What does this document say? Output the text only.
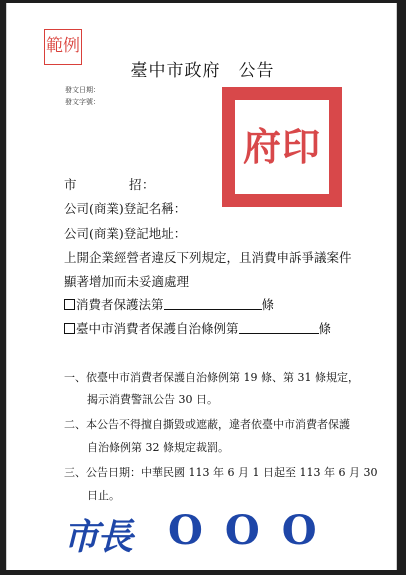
範例
臺中市政府　公告
發文日期：
發文字號：
府印
市　　　　招：
公司(商業)登記名稱：
公司(商業)登記地址：
上開企業經營者違反下列規定，且消費申訴爭議案件
顯著增加而未妥適處理
消費者保護法第	條
臺中市消費者保護自治條例第	條
一、依臺中市消費者保護自治條例第 19 條、第 31 條規定，
揭示消費警訊公告 30 日。
二、本公告不得擅自撕毀或遮蔽，違者依臺中市消費者保護
自治條例第 32 條規定裁罰。
三、公告日期：中華民國 113 年 6 月 1 日起至 113 年 6 月 30
日止。
市長 OOO
